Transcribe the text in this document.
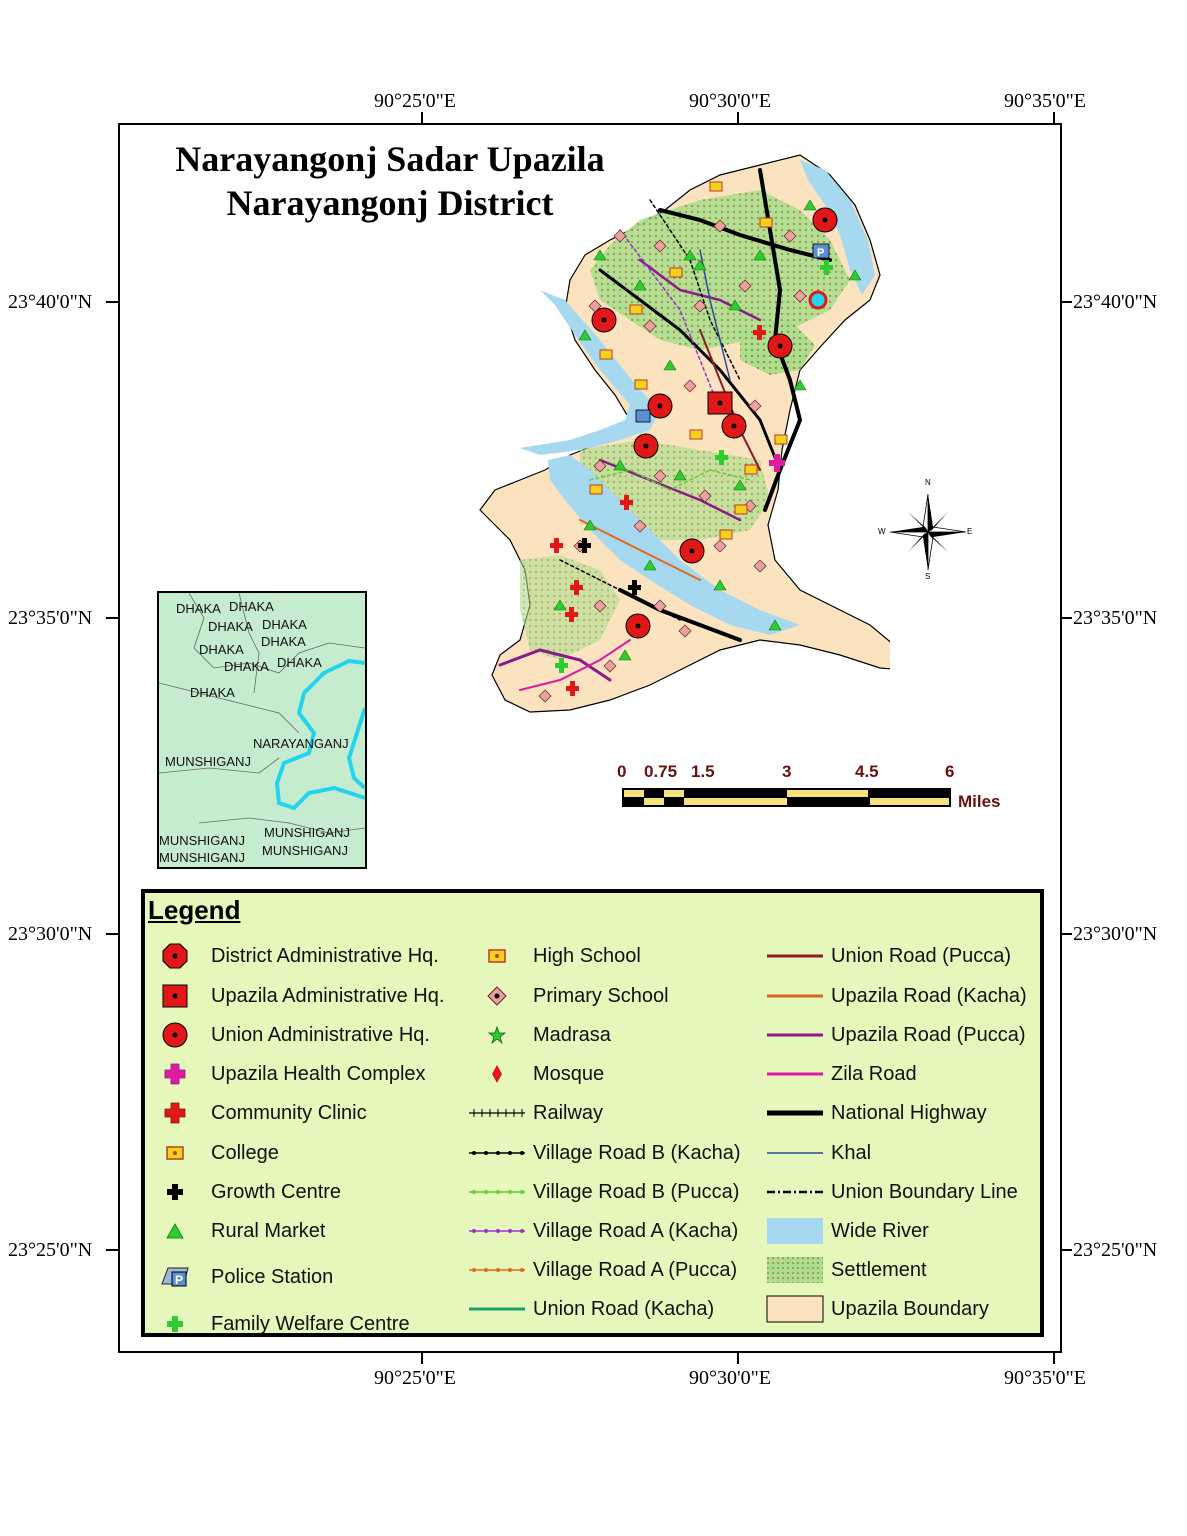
90°25'0"E	90°30'0"E	90°35'0"E
90°25'0"E	90°30'0"E	90°35'0"E
23°40'0"N
23°35'0"N
23°30'0"N
23°25'0"N
23°40'0"N
23°35'0"N
23°30'0"N
23°25'0"N
Narayangonj Sadar Upazila
Narayangonj District
P
N
S
E
W
0 0.75 1.5	3	4.5	6
Miles
DHAKA DHAKA
DHAKA DHAKA
DHAKA
DHAKA
DHAKA DHAKA
DHAKA
NARAYANGANJ
MUNSHIGANJ
MUNSHIGANJ
MUNSHIGANJ
MUNSHIGANJ
MUNSHIGANJ
Legend
District Administrative Hq.
Upazila Administrative Hq.
Union Administrative Hq.
Upazila Health Complex
Community Clinic
College
Growth Centre
Rural Market
P Police Station
Family Welfare Centre
High School
Primary School
Madrasa
Mosque
Railway
Village Road B (Kacha)
Village Road B (Pucca)
Village Road A (Kacha)
Village Road A (Pucca)
Union Road (Kacha)
Union Road (Pucca)
Upazila Road (Kacha)
Upazila Road (Pucca)
Zila Road
National Highway
Khal
Union Boundary Line
Wide River
Settlement
Upazila Boundary
